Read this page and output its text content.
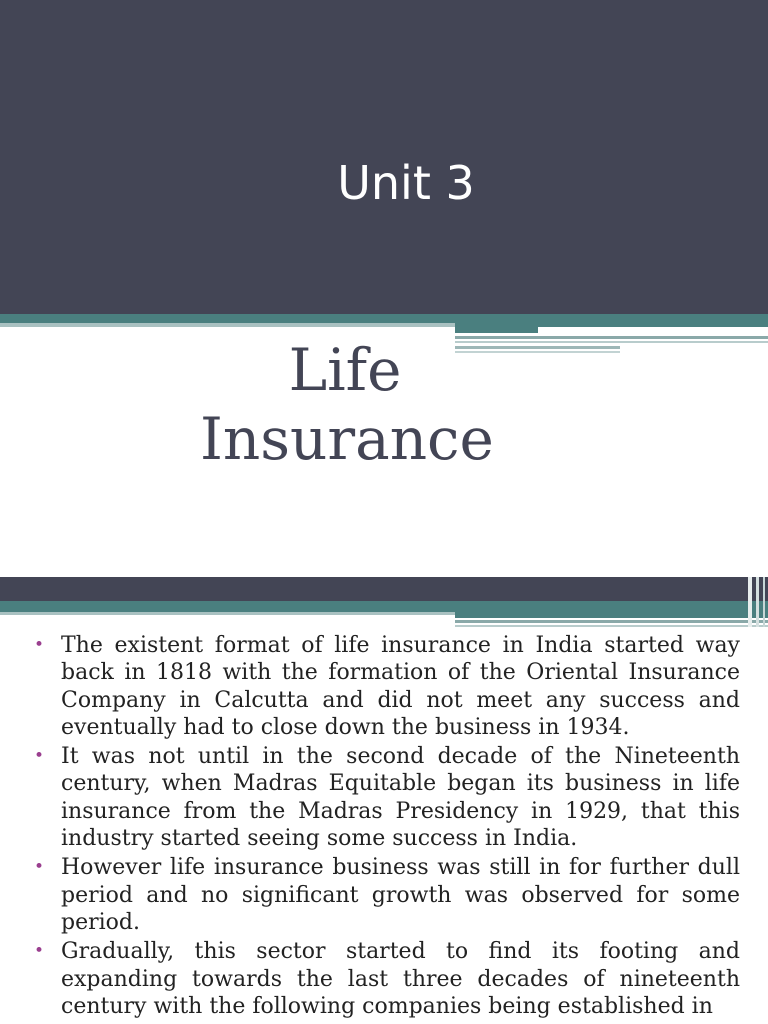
Unit 3
Life Insurance
• The existent format of life insurance in India started way back in 1818 with the formation of the Oriental Insurance Company in Calcutta and did not meet any success and eventually had to close down the business in 1934.
• It was not until in the second decade of the Nineteenth century, when Madras Equitable began its business in life insurance from the Madras Presidency in 1929, that this industry started seeing some success in India.
• However life insurance business was still in for further dull period and no significant growth was observed for some period.
• Gradually, this sector started to find its footing and expanding towards the last three decades of nineteenth century with the following companies being established in
